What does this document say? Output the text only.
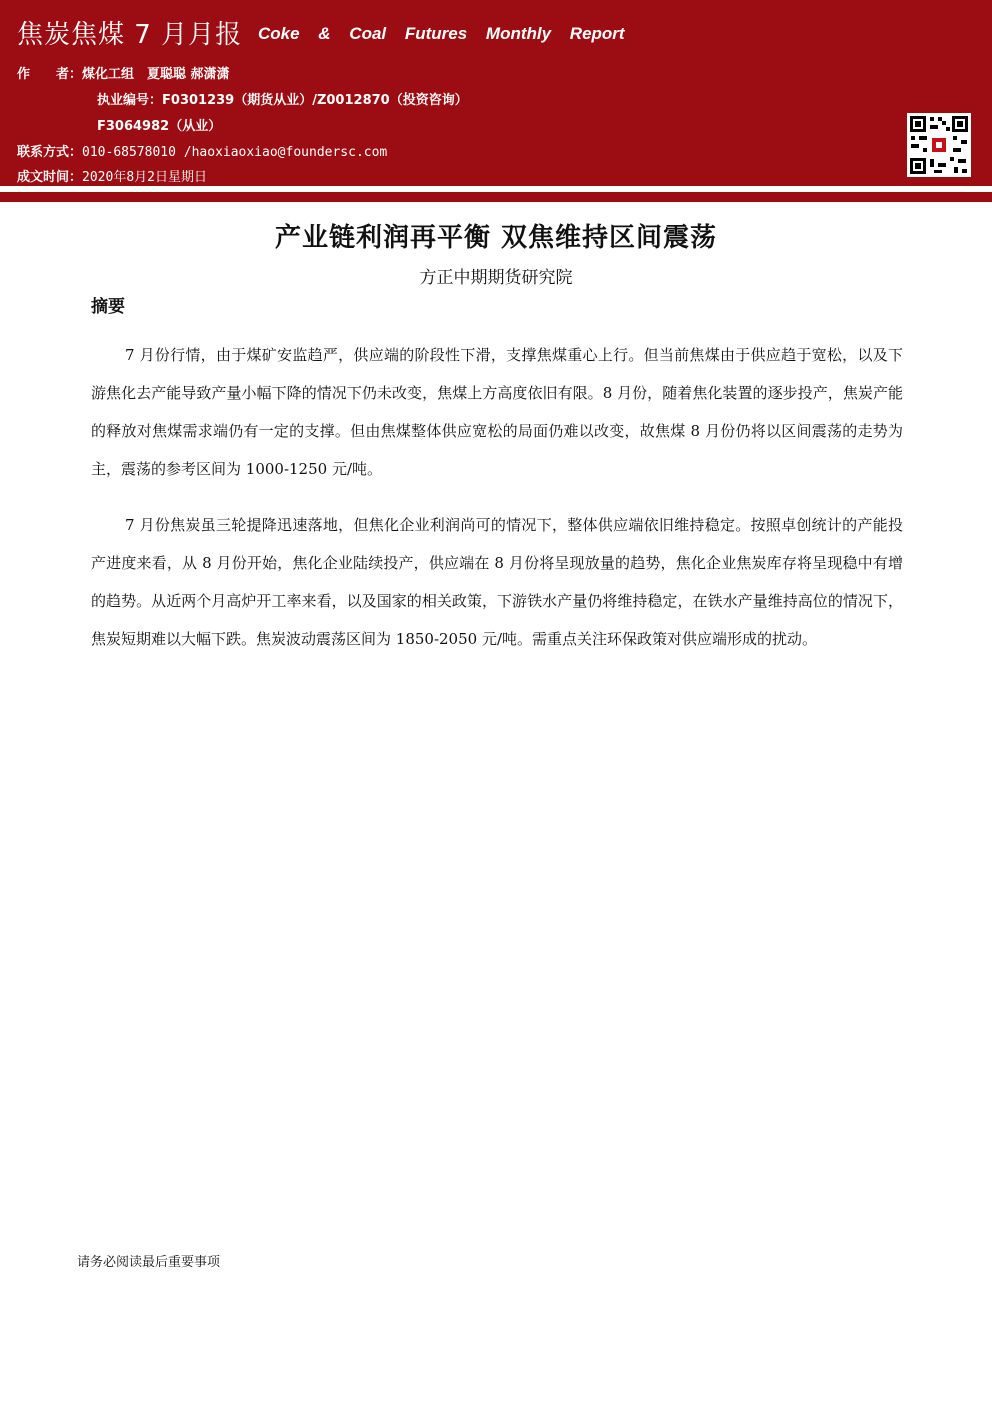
焦炭焦煤 7 月月报 Coke & Coal Futures Monthly Report
作　　者：煤化工组　夏聪聪 郝潇潇
执业编号：F0301239（期货从业）/Z0012870（投资咨询）
F3064982（从业）
联系方式：010-68578010 /haoxiaoxiao@foundersc.com
成文时间：2020年8月2日星期日
产业链利润再平衡 双焦维持区间震荡
方正中期期货研究院
摘要

7 月份行情，由于煤矿安监趋严，供应端的阶段性下滑，支撑焦煤重心上行。但当前焦煤由于供应趋于宽松，以及下游焦化去产能导致产量小幅下降的情况下仍未改变，焦煤上方高度依旧有限。8 月份，随着焦化装置的逐步投产，焦炭产能的释放对焦煤需求端仍有一定的支撑。但由焦煤整体供应宽松的局面仍难以改变，故焦煤 8 月份仍将以区间震荡的走势为主，震荡的参考区间为 1000-1250 元/吨。

7 月份焦炭虽三轮提降迅速落地，但焦化企业利润尚可的情况下，整体供应端依旧维持稳定。按照卓创统计的产能投产进度来看，从 8 月份开始，焦化企业陆续投产，供应端在 8 月份将呈现放量的趋势，焦化企业焦炭库存将呈现稳中有增的趋势。从近两个月高炉开工率来看，以及国家的相关政策，下游铁水产量仍将维持稳定，在铁水产量维持高位的情况下，焦炭短期难以大幅下跌。焦炭波动震荡区间为 1850-2050 元/吨。需重点关注环保政策对供应端形成的扰动。

请务必阅读最后重要事项
